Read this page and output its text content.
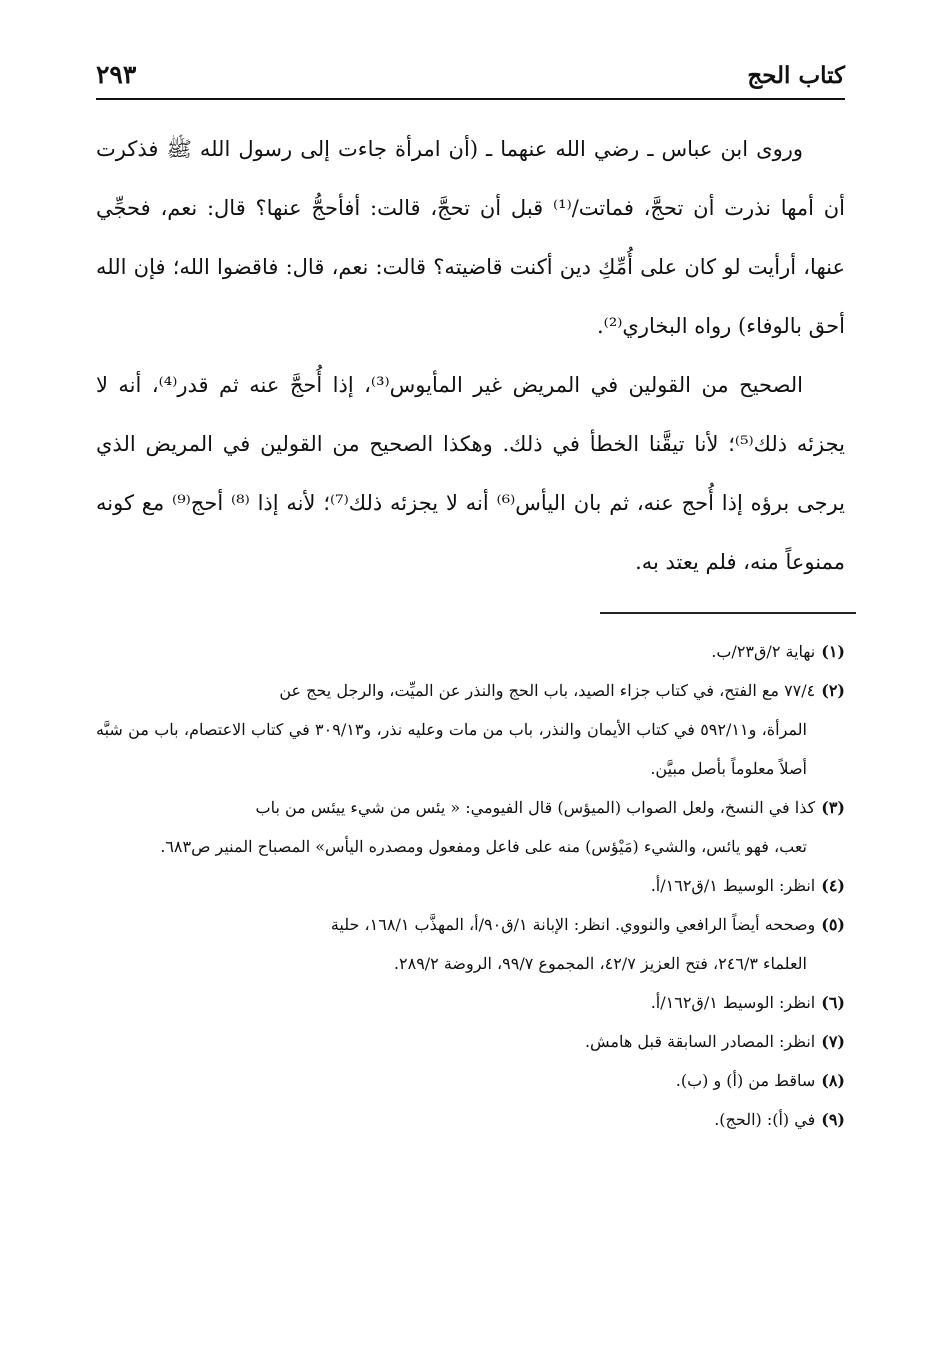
كتاب الحج
٢٩٣

وروى ابن عباس ـ رضي الله عنهما ـ (أن امرأة جاءت إلى رسول الله ﷺ فذكرت أن أمها نذرت أن تحجَّ، فماتت/⁽¹⁾ قبل أن تحجَّ، قالت: أفأحجُّ عنها؟ قال: نعم، فحجِّي عنها، أرأيت لو كان على أُمِّكِ دين أكنت قاضيته؟ قالت: نعم، قال: فاقضوا الله؛ فإن الله أحق بالوفاء) رواه البخاري⁽²⁾.

الصحيح من القولين في المريض غير المأيوس⁽³⁾، إذا أُحجَّ عنه ثم قدر⁽⁴⁾، أنه لا يجزئه ذلك⁽⁵⁾؛ لأنا تيقَّنا الخطأ في ذلك. وهكذا الصحيح من القولين في المريض الذي يرجى برؤه إذا أُحج عنه، ثم بان اليأس⁽⁶⁾ أنه لا يجزئه ذلك⁽⁷⁾؛ لأنه إذا ⁽⁸⁾ أحج⁽⁹⁾ مع كونه ممنوعاً منه، فلم يعتد به.

(١)نهاية ٢/ق٢٣/ب.

(٢)٧٧/٤ مع الفتح، في كتاب جزاء الصيد، باب الحج والنذر عن الميِّت، والرجل يحج عن
المرأة، و٥٩٢/١١ في كتاب الأيمان والنذر، باب من مات وعليه نذر، و٣٠٩/١٣ في كتاب الاعتصام، باب من شبَّه أصلاً معلوماً بأصل مبيَّن.

(٣)كذا في النسخ، ولعل الصواب (الميؤس) قال الفيومي: « يئس من شيء ييئس من باب
تعب، فهو يائس، والشيء (مَيْؤس) منه على فاعل ومفعول ومصدره اليأس» المصباح المنير ص٦٨٣.

(٤)انظر: الوسيط ١/ق١٦٢/أ.

(٥)وصححه أيضاً الرافعي والنووي. انظر: الإبانة ١/ق٩٠/أ، المهذَّب ١٦٨/١، حلية
العلماء ٢٤٦/٣، فتح العزيز ٤٢/٧، المجموع ٩٩/٧، الروضة ٢٨٩/٢.

(٦)انظر: الوسيط ١/ق١٦٢/أ.

(٧)انظر: المصادر السابقة قبل هامش.

(٨)ساقط من (أ) و (ب).

(٩)في (أ): (الحج).
